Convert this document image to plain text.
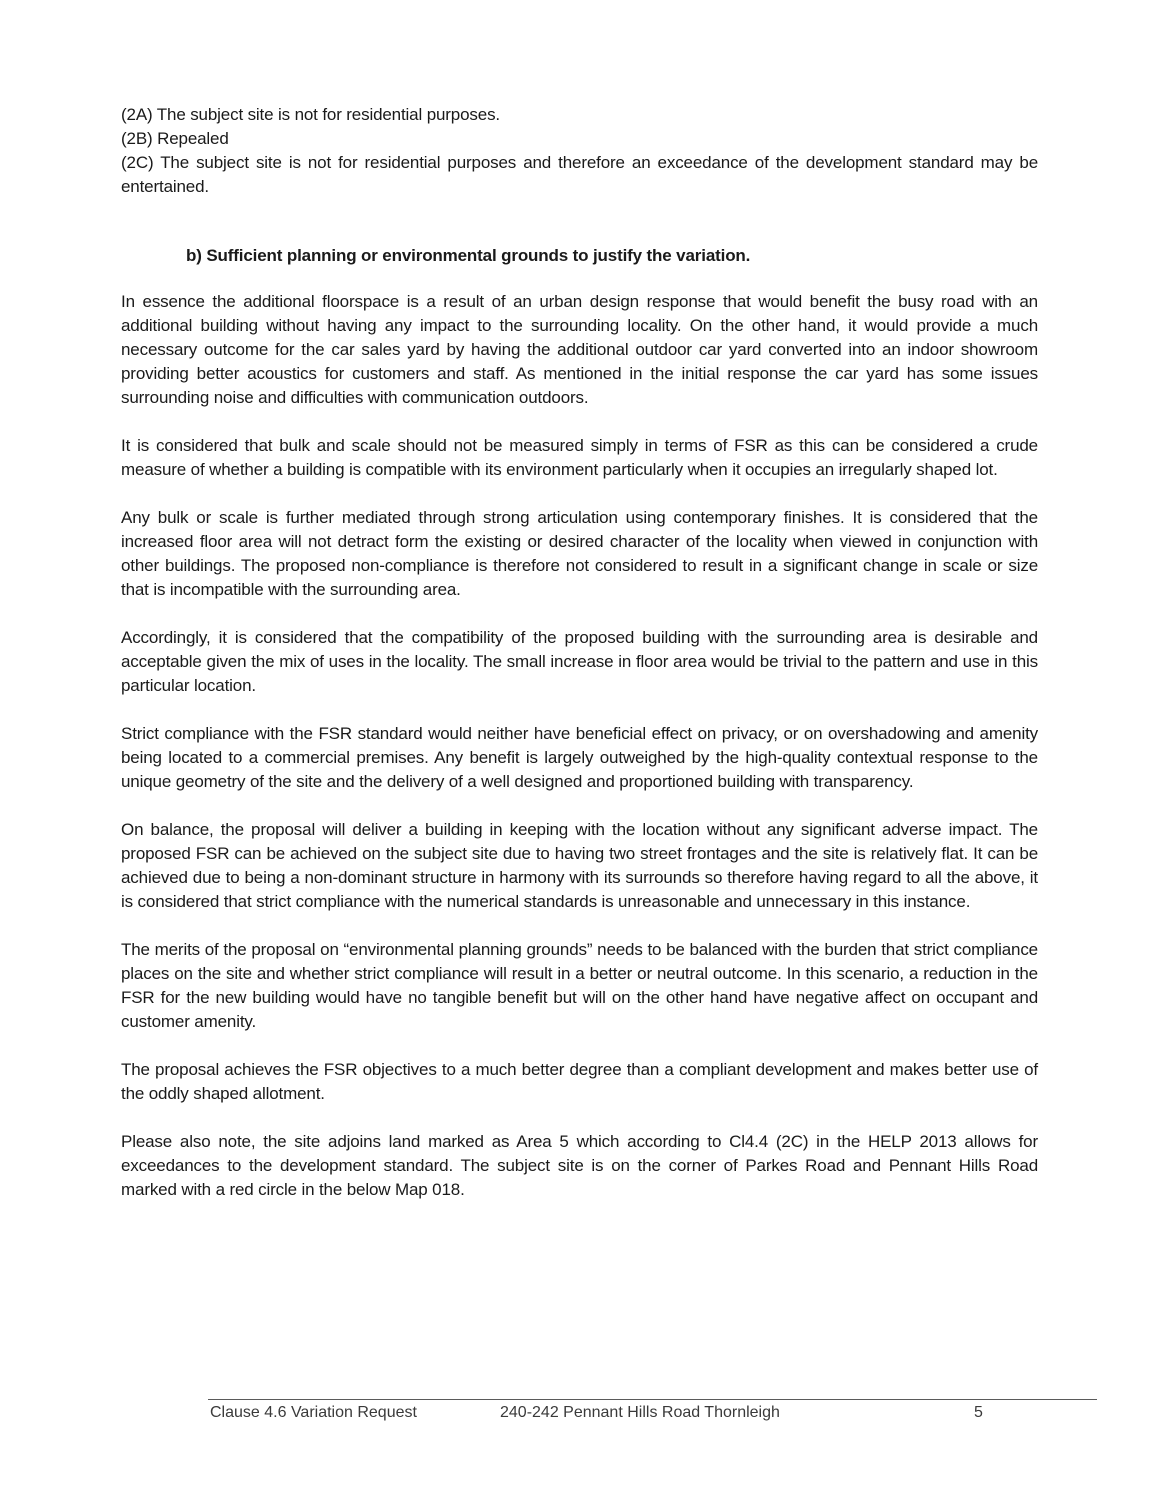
(2A) The subject site is not for residential purposes.
(2B) Repealed
(2C) The subject site is not for residential purposes and therefore an exceedance of the development standard may be entertained.
b) Sufficient planning or environmental grounds to justify the variation.

In essence the additional floorspace is a result of an urban design response that would benefit the busy road with an additional building without having any impact to the surrounding locality. On the other hand, it would provide a much necessary outcome for the car sales yard by having the additional outdoor car yard converted into an indoor showroom providing better acoustics for customers and staff. As mentioned in the initial response the car yard has some issues surrounding noise and difficulties with communication outdoors.

It is considered that bulk and scale should not be measured simply in terms of FSR as this can be considered a crude measure of whether a building is compatible with its environment particularly when it occupies an irregularly shaped lot.

Any bulk or scale is further mediated through strong articulation using contemporary finishes. It is considered that the increased floor area will not detract form the existing or desired character of the locality when viewed in conjunction with other buildings. The proposed non-compliance is therefore not considered to result in a significant change in scale or size that is incompatible with the surrounding area.

Accordingly, it is considered that the compatibility of the proposed building with the surrounding area is desirable and acceptable given the mix of uses in the locality. The small increase in floor area would be trivial to the pattern and use in this particular location.

Strict compliance with the FSR standard would neither have beneficial effect on privacy, or on overshadowing and amenity being located to a commercial premises. Any benefit is largely outweighed by the high-quality contextual response to the unique geometry of the site and the delivery of a well designed and proportioned building with transparency.

On balance, the proposal will deliver a building in keeping with the location without any significant adverse impact. The proposed FSR can be achieved on the subject site due to having two street frontages and the site is relatively flat. It can be achieved due to being a non-dominant structure in harmony with its surrounds so therefore having regard to all the above, it is considered that strict compliance with the numerical standards is unreasonable and unnecessary in this instance.

The merits of the proposal on “environmental planning grounds” needs to be balanced with the burden that strict compliance places on the site and whether strict compliance will result in a better or neutral outcome. In this scenario, a reduction in the FSR for the new building would have no tangible benefit but will on the other hand have negative affect on occupant and customer amenity.

The proposal achieves the FSR objectives to a much better degree than a compliant development and makes better use of the oddly shaped allotment.

Please also note, the site adjoins land marked as Area 5 which according to Cl4.4 (2C) in the HELP 2013 allows for exceedances to the development standard. The subject site is on the corner of Parkes Road and Pennant Hills Road marked with a red circle in the below Map 018.

Clause 4.6 Variation Request	240-242 Pennant Hills Road Thornleigh	5
